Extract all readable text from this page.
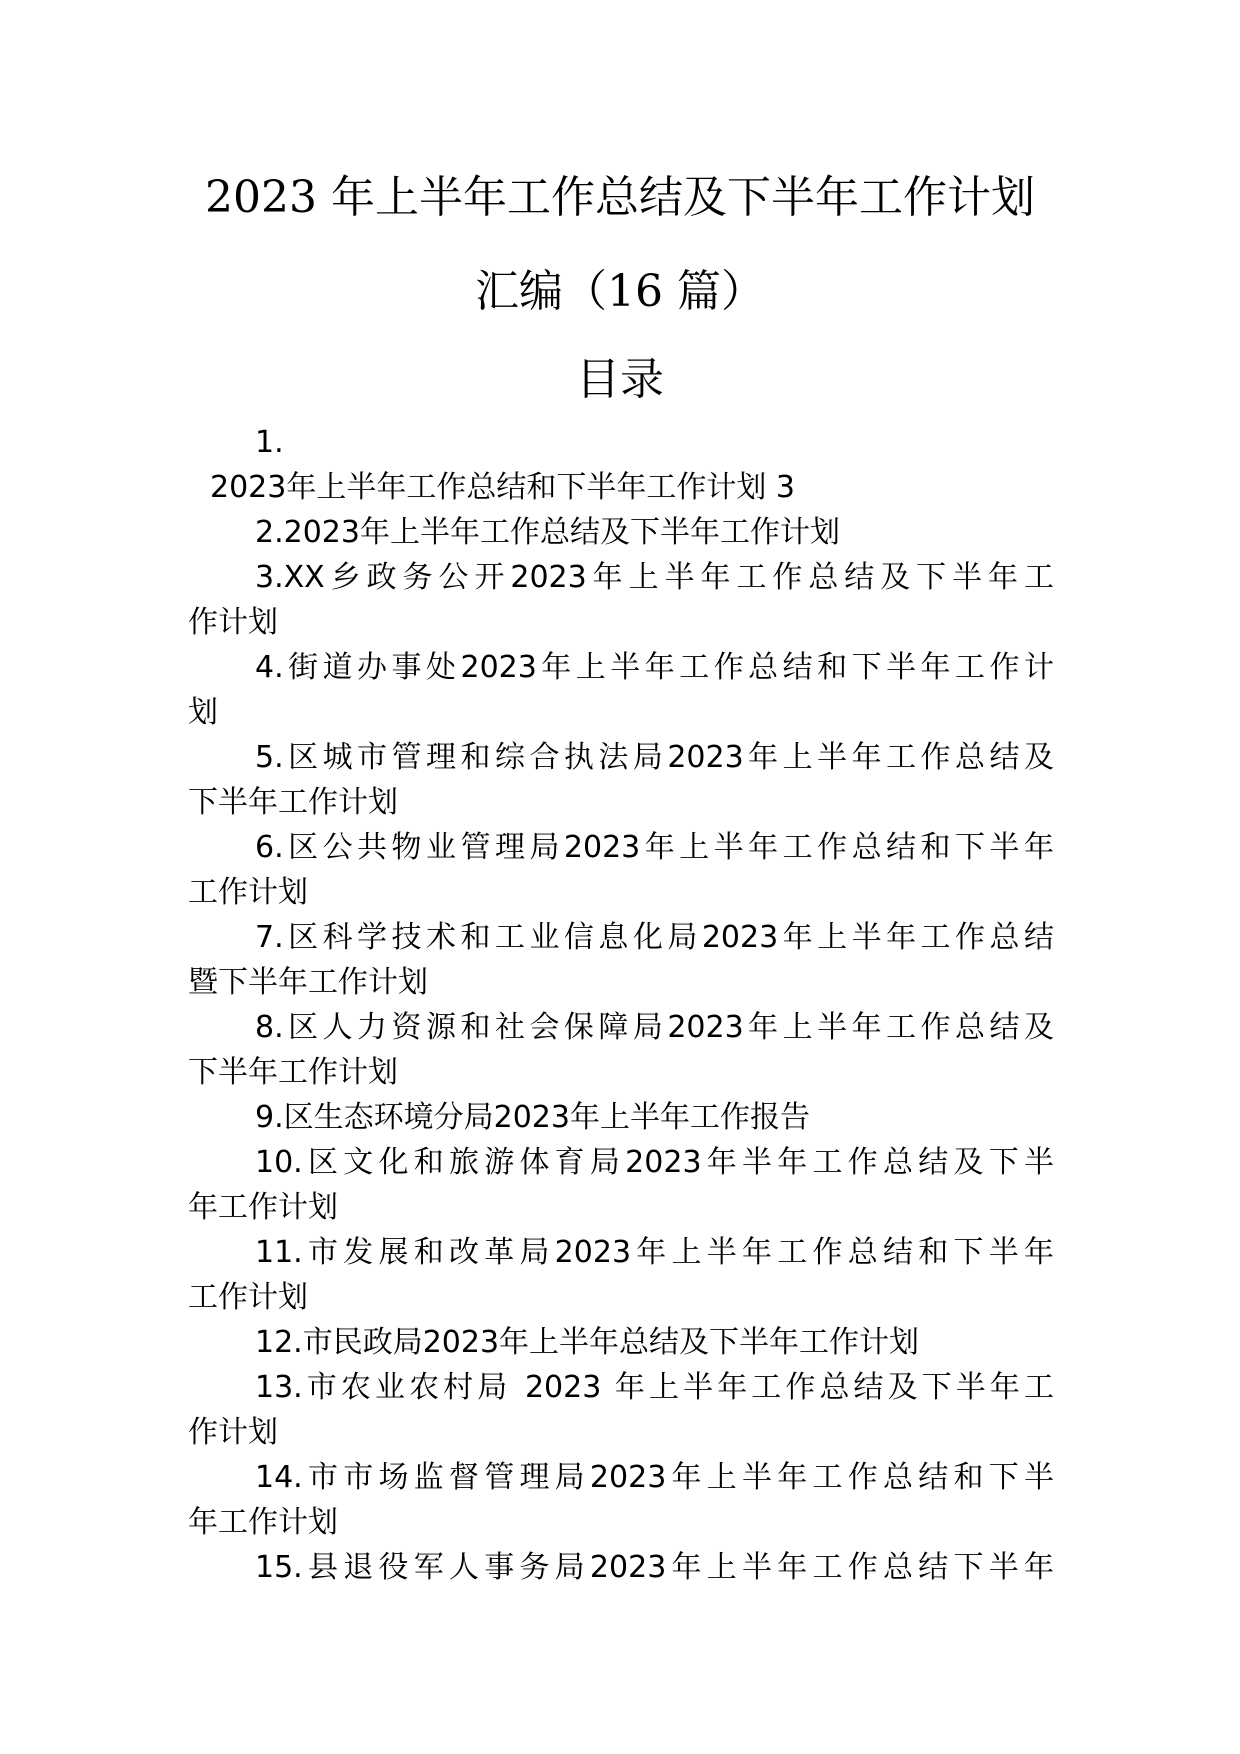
2023 年上半年工作总结及下半年工作计划
汇编（16 篇）
目录
1.
2023年上半年工作总结和下半年工作计划 3
2.2023年上半年工作总结及下半年工作计划
3.XX乡政务公开2023年上半年工作总结及下半年工
作计划
4.街道办事处2023年上半年工作总结和下半年工作计
划
5.区城市管理和综合执法局2023年上半年工作总结及
下半年工作计划
6.区公共物业管理局2023年上半年工作总结和下半年
工作计划
7.区科学技术和工业信息化局2023年上半年工作总结
暨下半年工作计划
8.区人力资源和社会保障局2023年上半年工作总结及
下半年工作计划
9.区生态环境分局2023年上半年工作报告
10.区文化和旅游体育局2023年半年工作总结及下半
年工作计划
11.市发展和改革局2023年上半年工作总结和下半年
工作计划
12.市民政局2023年上半年总结及下半年工作计划
13.市农业农村局 2023 年上半年工作总结及下半年工
作计划
14.市市场监督管理局2023年上半年工作总结和下半
年工作计划
15.县退役军人事务局2023年上半年工作总结下半年
